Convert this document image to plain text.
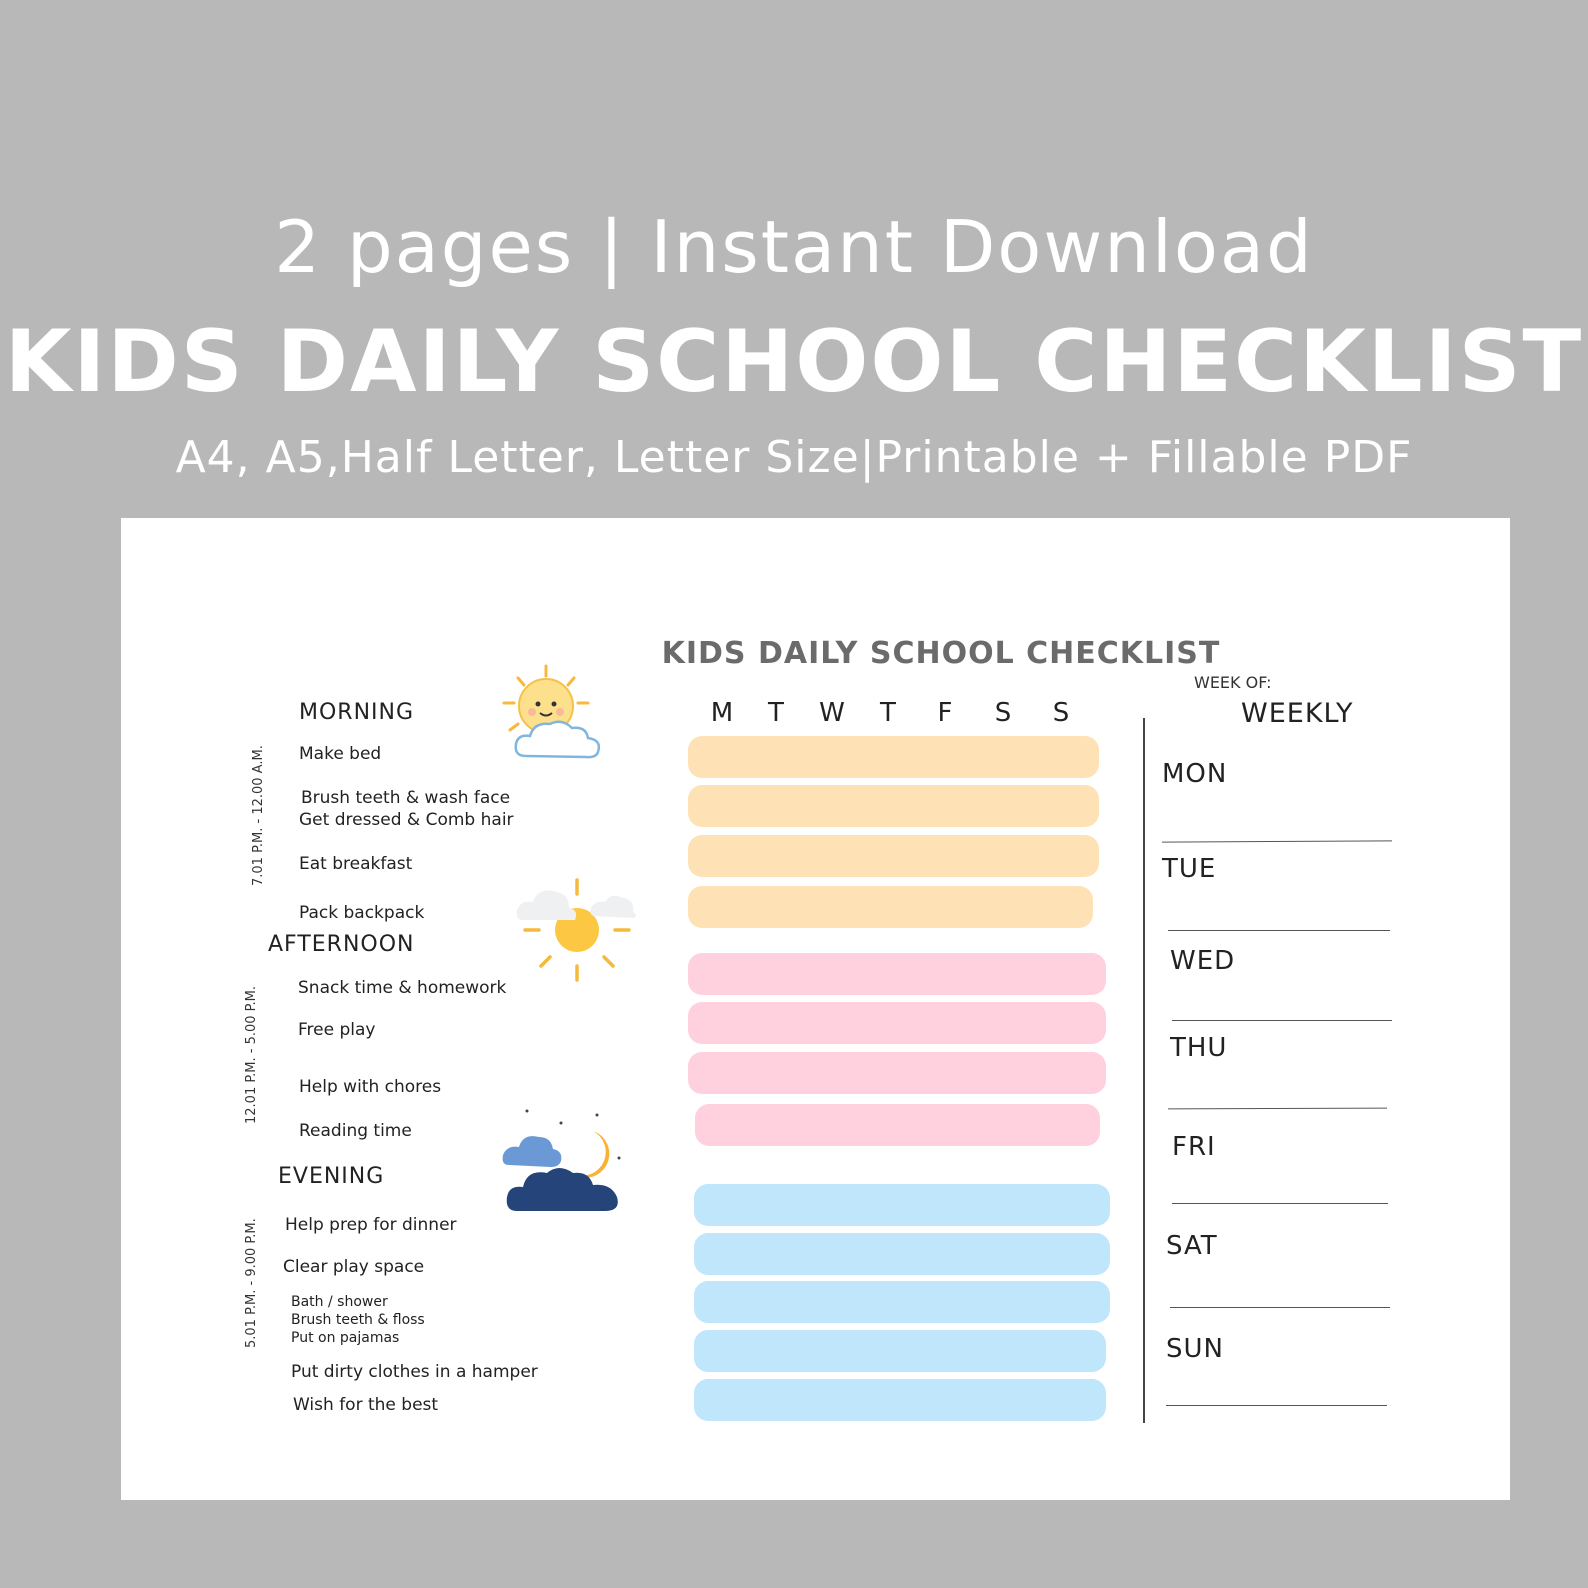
2 pages | Instant Download
KIDS DAILY SCHOOL CHECKLIST
A4, A5,Half Letter, Letter Size|Printable + Fillable PDF
KIDS DAILY SCHOOL CHECKLIST
WEEK OF:
MORNING
7.01 P.M. - 12.00 A.M. Make bed
Brush teeth & wash face
Get dressed & Comb hair
Eat breakfast
Pack backpack
AFTERNOON
12.01 P.M. - 5.00 P.M. Snack time & homework
Free play
Help with chores
Reading time
EVENING
5.01 P.M. - 9.00 P.M. Help prep for dinner
Clear play space
Bath / shower
Brush teeth & floss
Put on pajamas
Put dirty clothes in a hamper
Wish for the best
M	T	W	T	F	S	S	WEEKLY
MON
TUE
WED
THU
FRI
SAT
SUN
